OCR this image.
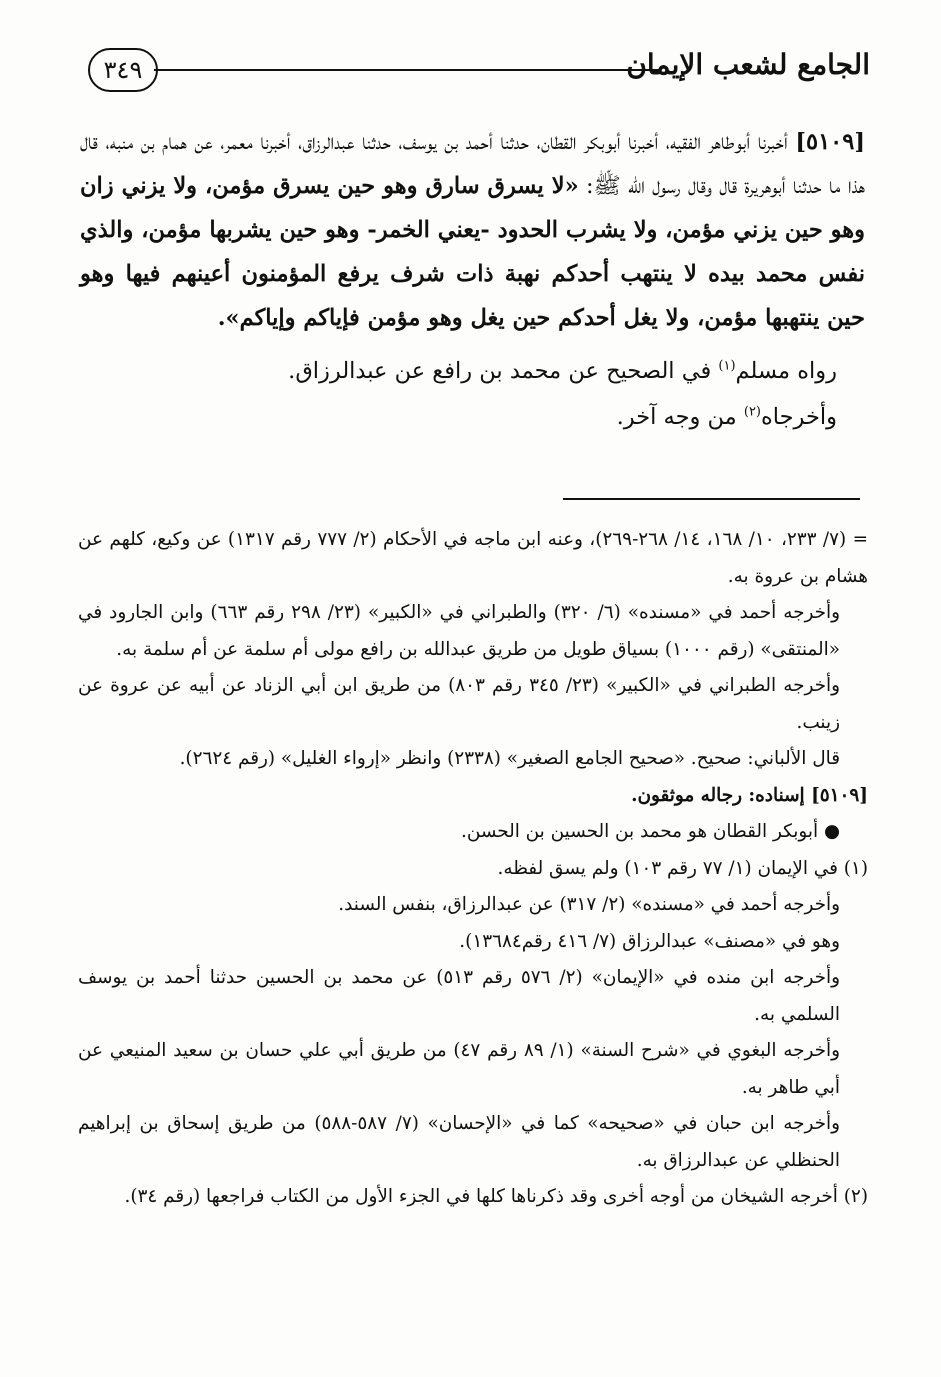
٣٤٩	الجامع لشعب الإيمان

[٥١٠٩] أخبرنا أبوطاهر الفقيه، أخبرنا أبوبكر القطان، حدثنا أحمد بن يوسف، حدثنا عبدالرزاق، أخبرنا معمر، عن همام بن منبه، قال هذا ما حدثنا أبوهريرة قال وقال رسول الله ﷺ: «لا يسرق سارق وهو حين يسرق مؤمن، ولا يزني زان وهو حين يزني مؤمن، ولا يشرب الحدود -يعني الخمر- وهو حين يشربها مؤمن، والذي نفس محمد بيده لا ينتهب أحدكم نهبة ذات شرف يرفع المؤمنون أعينهم فيها وهو حين ينتهبها مؤمن، ولا يغل أحدكم حين يغل وهو مؤمن فإياكم وإياكم».

رواه مسلم$^{(١)}$ في الصحيح عن محمد بن رافع عن عبدالرزاق.

وأخرجاه$^{(٢)}$ من وجه آخر.

= (٧/ ٢٣٣، ١٠/ ١٦٨، ١٤/ ٢٦٨-٢٦٩)، وعنه ابن ماجه في الأحكام (٢/ ٧٧٧ رقم ١٣١٧) عن وكيع، كلهم عن هشام بن عروة به.

وأخرجه أحمد في «مسنده» (٦/ ٣٢٠) والطبراني في «الكبير» (٢٣/ ٢٩٨ رقم ٦٦٣) وابن الجارود في «المنتقى» (رقم ١٠٠٠) بسياق طويل من طريق عبدالله بن رافع مولى أم سلمة عن أم سلمة به.

وأخرجه الطبراني في «الكبير» (٢٣/ ٣٤٥ رقم ٨٠٣) من طريق ابن أبي الزناد عن أبيه عن عروة عن زينب.

قال الألباني: صحيح. «صحيح الجامع الصغير» (٢٣٣٨) وانظر «إرواء الغليل» (رقم ٢٦٢٤).

[٥١٠٩] إسناده: رجاله موثقون.

● أبوبكر القطان هو محمد بن الحسين بن الحسن.

(١) في الإيمان (١/ ٧٧ رقم ١٠٣) ولم يسق لفظه.

وأخرجه أحمد في «مسنده» (٢/ ٣١٧) عن عبدالرزاق، بنفس السند.

وهو في «مصنف» عبدالرزاق (٧/ ٤١٦ رقم١٣٦٨٤).

وأخرجه ابن منده في «الإيمان» (٢/ ٥٧٦ رقم ٥١٣) عن محمد بن الحسين حدثنا أحمد بن يوسف السلمي به.

وأخرجه البغوي في «شرح السنة» (١/ ٨٩ رقم ٤٧) من طريق أبي علي حسان بن سعيد المنيعي عن أبي طاهر به.

وأخرجه ابن حبان في «صحيحه» كما في «الإحسان» (٧/ ٥٨٧-٥٨٨) من طريق إسحاق بن إبراهيم الحنظلي عن عبدالرزاق به.

(٢) أخرجه الشيخان من أوجه أخرى وقد ذكرناها كلها في الجزء الأول من الكتاب فراجعها (رقم ٣٤).
